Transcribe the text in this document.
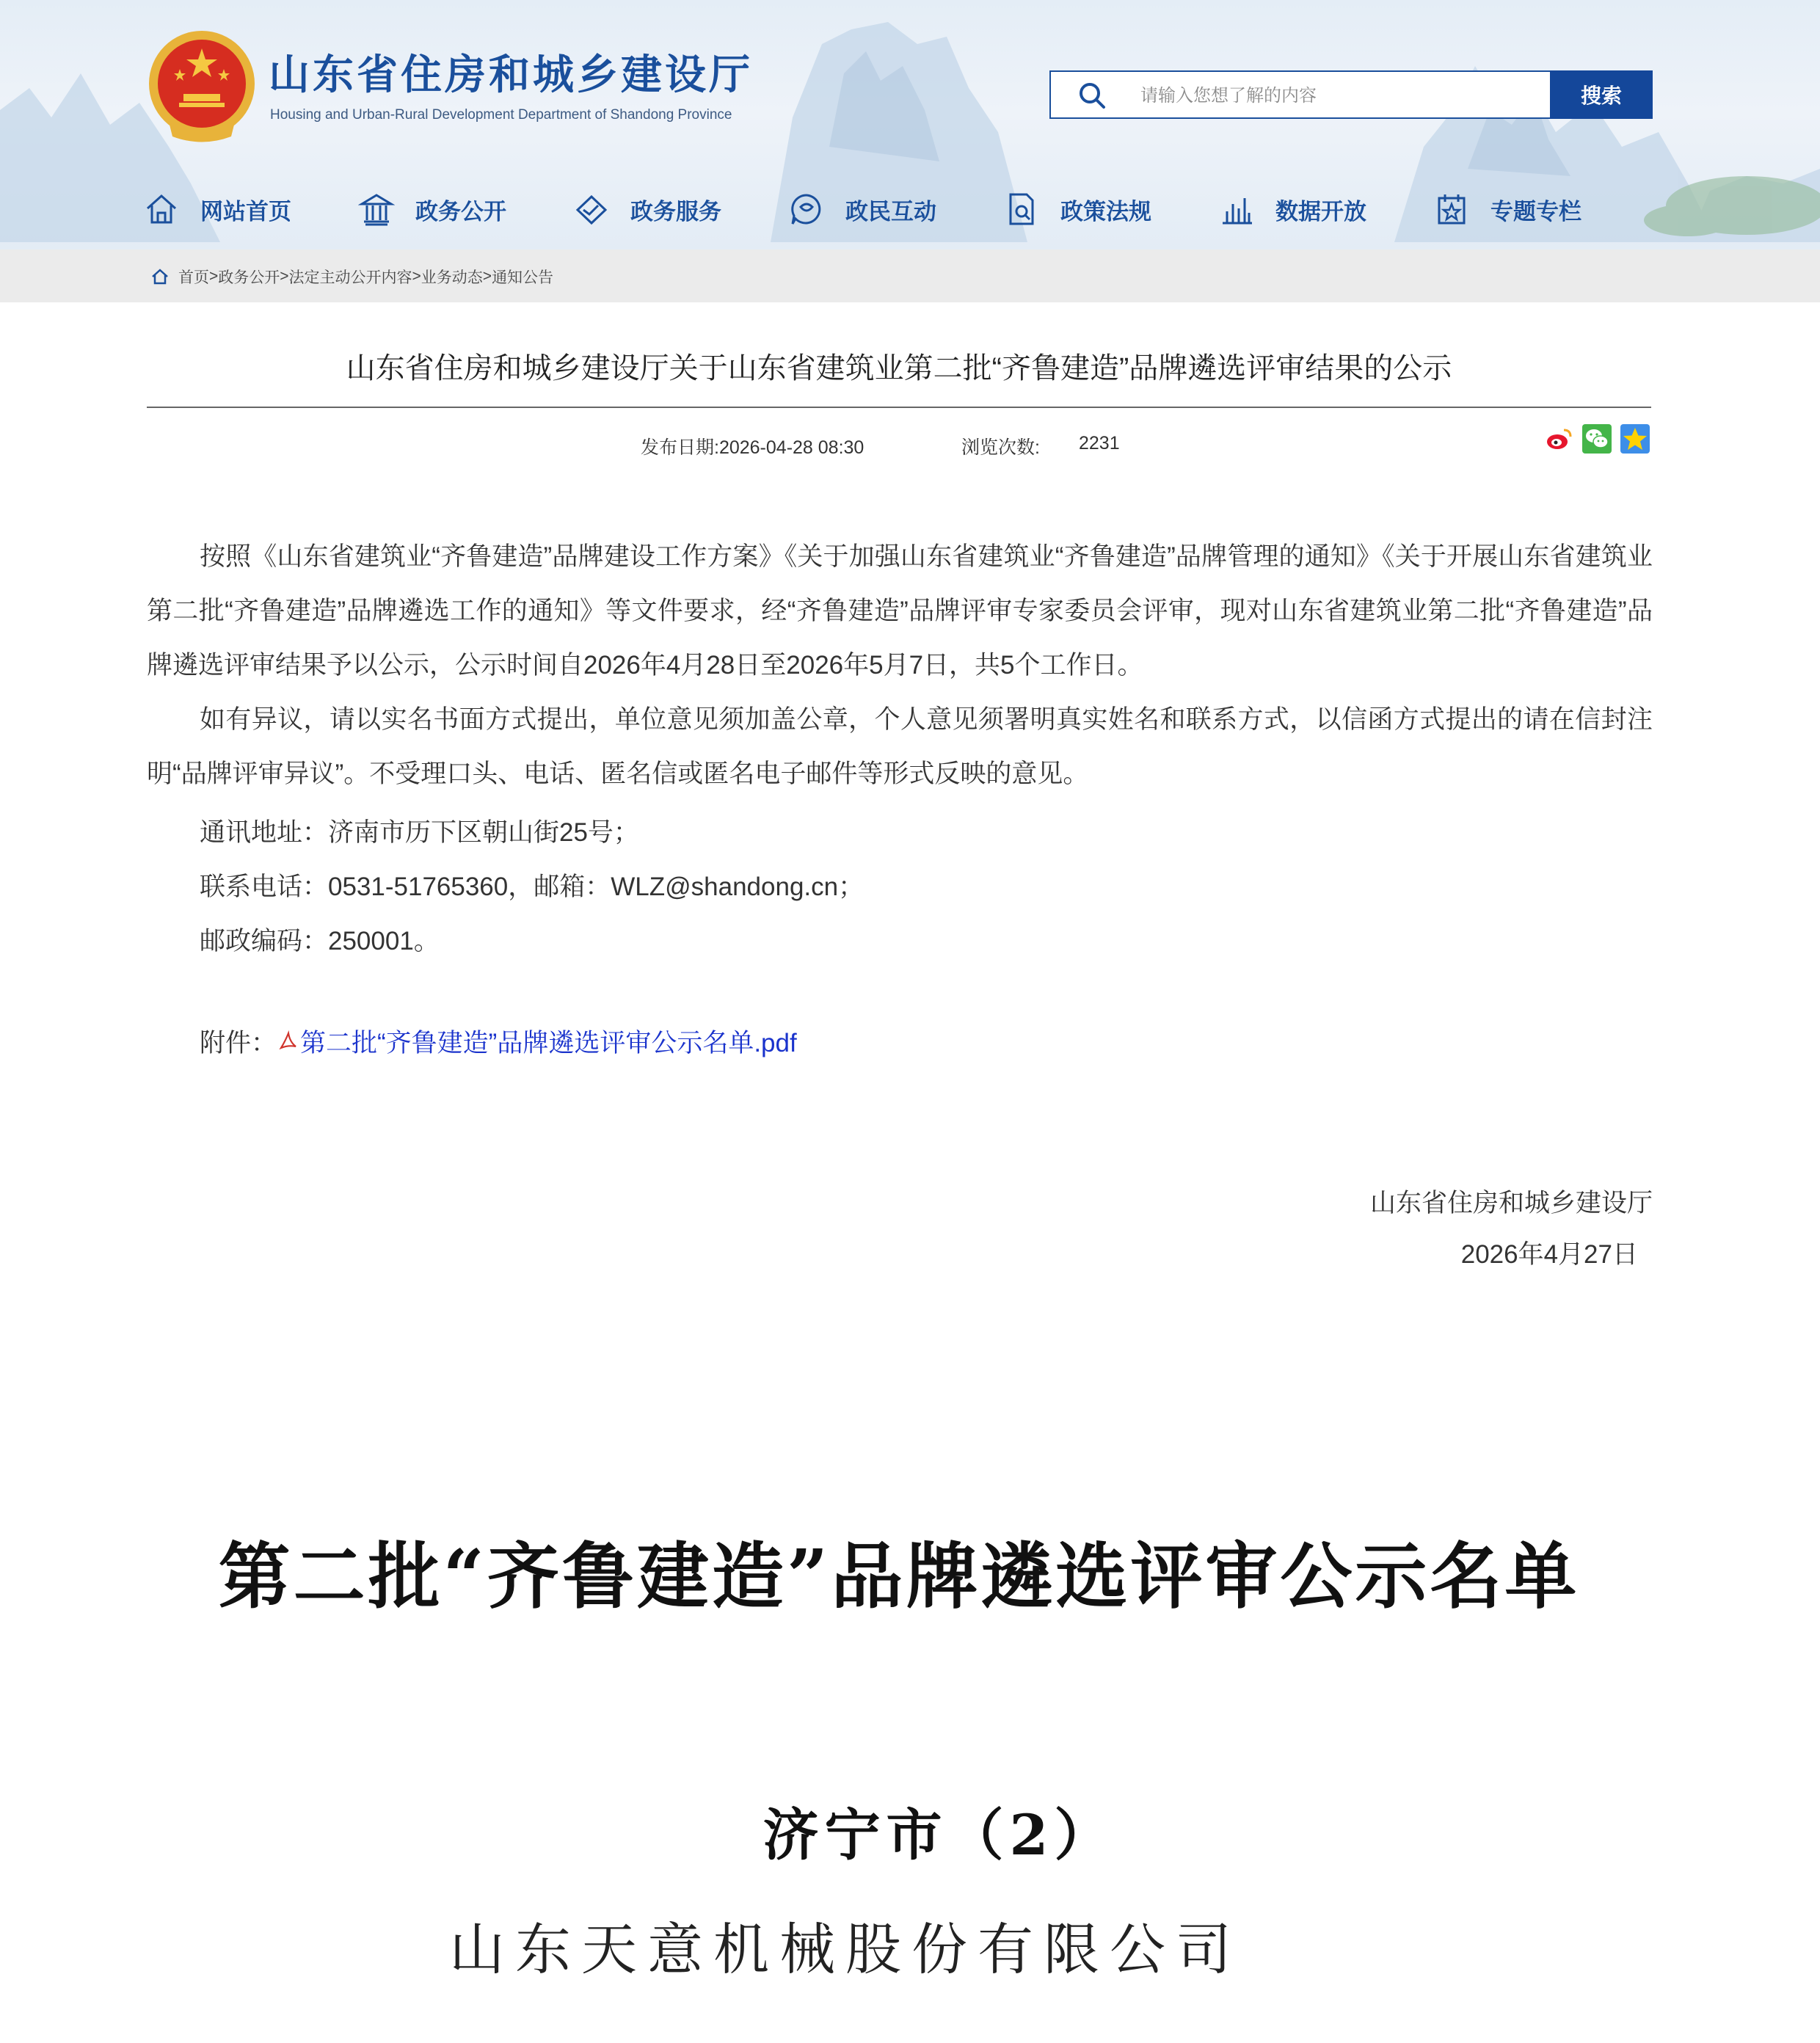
山东省住房和城乡建设厅
Housing and Urban-Rural Development Department of Shandong Province
请输入您想了解的内容
搜索
网站首页	政务公开	政务服务	政民互动	政策法规	数据开放	专题专栏
首页 > 政务公开 > 法定主动公开内容 > 业务动态 > 通知公告
山东省住房和城乡建设厅关于山东省建筑业第二批“齐鲁建造”品牌遴选评审结果的公示
发布日期:2026-04-28 08:30	浏览次数: 2231
按照《山东省建筑业“齐鲁建造”品牌建设工作方案》《关于加强山东省建筑业“齐鲁建造”品牌管理的通知》《关于开展山东省建筑业第二批“齐鲁建造”品牌遴选工作的通知》等文件要求，经“齐鲁建造”品牌评审专家委员会评审，现对山东省建筑业第二批“齐鲁建造”品牌遴选评审结果予以公示，公示时间自2026年4月28日至2026年5月7日，共5个工作日。
如有异议，请以实名书面方式提出，单位意见须加盖公章，个人意见须署明真实姓名和联系方式，以信函方式提出的请在信封注明“品牌评审异议”。不受理口头、电话、匿名信或匿名电子邮件等形式反映的意见。
通讯地址：济南市历下区朝山街25号；
联系电话：0531-51765360，邮箱：WLZ@shandong.cn；
邮政编码：250001。
附件： 第二批“齐鲁建造”品牌遴选评审公示名单.pdf
山东省住房和城乡建设厅
2026年4月27日
第二批“齐鲁建造”品牌遴选评审公示名单
济宁市（2）
山东天意机械股份有限公司
